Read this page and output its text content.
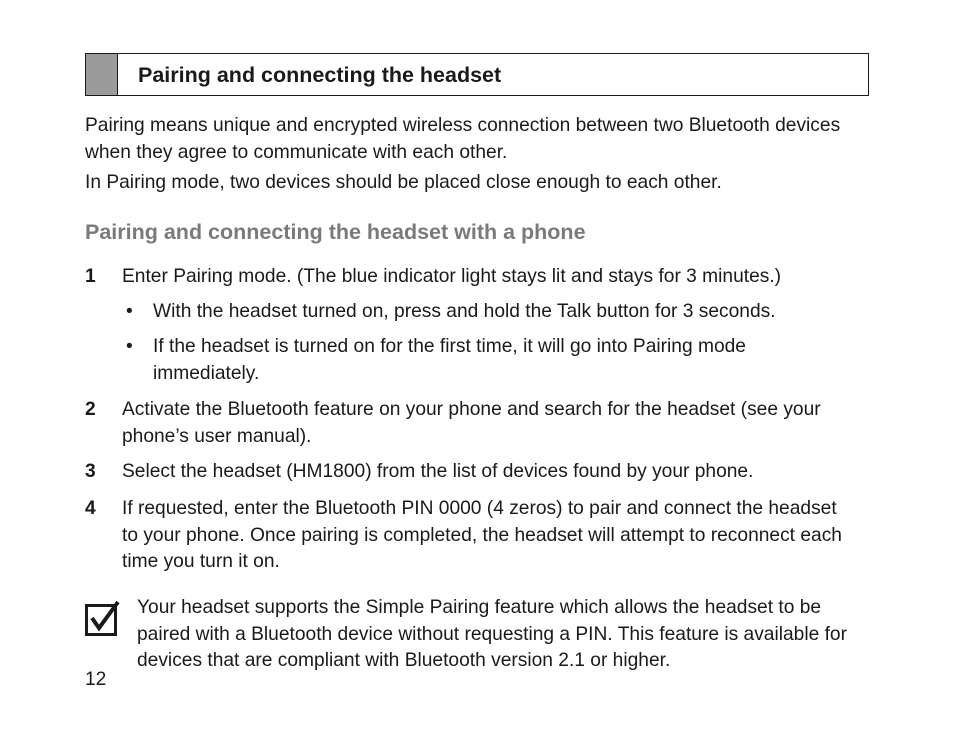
Pairing and connecting the headset

Pairing means unique and encrypted wireless connection between two Bluetooth devices when they agree to communicate with each other.

In Pairing mode, two devices should be placed close enough to each other.

Pairing and connecting the headset with a phone
1 Enter Pairing mode. (The blue indicator light stays lit and stays for 3 minutes.)
• With the headset turned on, press and hold the Talk button for 3 seconds.
• If the headset is turned on for the first time, it will go into Pairing mode immediately.
2 Activate the Bluetooth feature on your phone and search for the headset (see your phone’s user manual).
3 Select the headset (HM1800) from the list of devices found by your phone.
4 If requested, enter the Bluetooth PIN 0000 (4 zeros) to pair and connect the headset to your phone. Once pairing is completed, the headset will attempt to reconnect each time you turn it on.

Your headset supports the Simple Pairing feature which allows the headset to be paired with a Bluetooth device without requesting a PIN. This feature is available for devices that are compliant with Bluetooth version 2.1 or higher.

12
